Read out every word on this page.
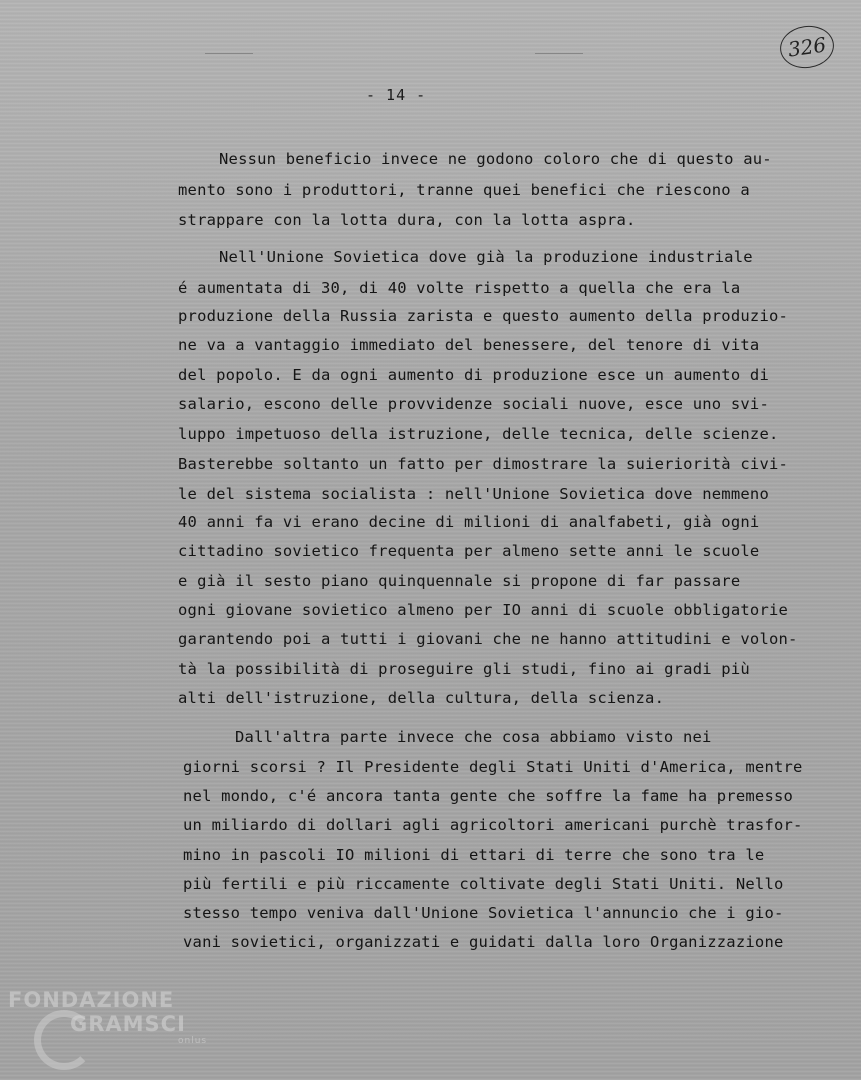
- 14 -
326

Nessun beneficio invece ne godono coloro che di questo au-

mento sono i produttori, tranne quei benefici che riescono a

strappare con la lotta dura, con la lotta aspra.

Nell'Unione Sovietica dove già la produzione industriale

é aumentata di 30, di 40 volte rispetto a quella che era la

produzione della Russia zarista e questo aumento della produzio-

ne va a vantaggio immediato del benessere, del tenore di vita

del popolo. E da ogni aumento di produzione esce un aumento di

salario, escono delle provvidenze sociali nuove, esce uno svi-

luppo impetuoso della istruzione, delle tecnica, delle scienze.

Basterebbe soltanto un fatto per dimostrare la suieriorità civi-

le del sistema socialista : nell'Unione Sovietica dove nemmeno

40 anni fa vi erano decine di milioni di analfabeti, già ogni

cittadino sovietico frequenta per almeno sette anni le scuole

e già il sesto piano quinquennale si propone di far passare

ogni giovane sovietico almeno per IO anni di scuole obbligatorie

garantendo poi a tutti i giovani che ne hanno attitudini e volon-

tà la possibilità di proseguire gli studi, fino ai gradi più

alti dell'istruzione, della cultura, della scienza.

Dall'altra parte invece che cosa abbiamo visto nei

giorni scorsi ? Il Presidente degli Stati Uniti d'America, mentre

nel mondo, c'é ancora tanta gente che soffre la fame ha premesso

un miliardo di dollari agli agricoltori americani purchè trasfor-

mino in pascoli IO milioni di ettari di terre che sono tra le

più fertili e più riccamente coltivate degli Stati Uniti. Nello

stesso tempo veniva dall'Unione Sovietica l'annuncio che i gio-

vani sovietici, organizzati e guidati dalla loro Organizzazione

FONDAZIONE
GRAMSCI
onlus
